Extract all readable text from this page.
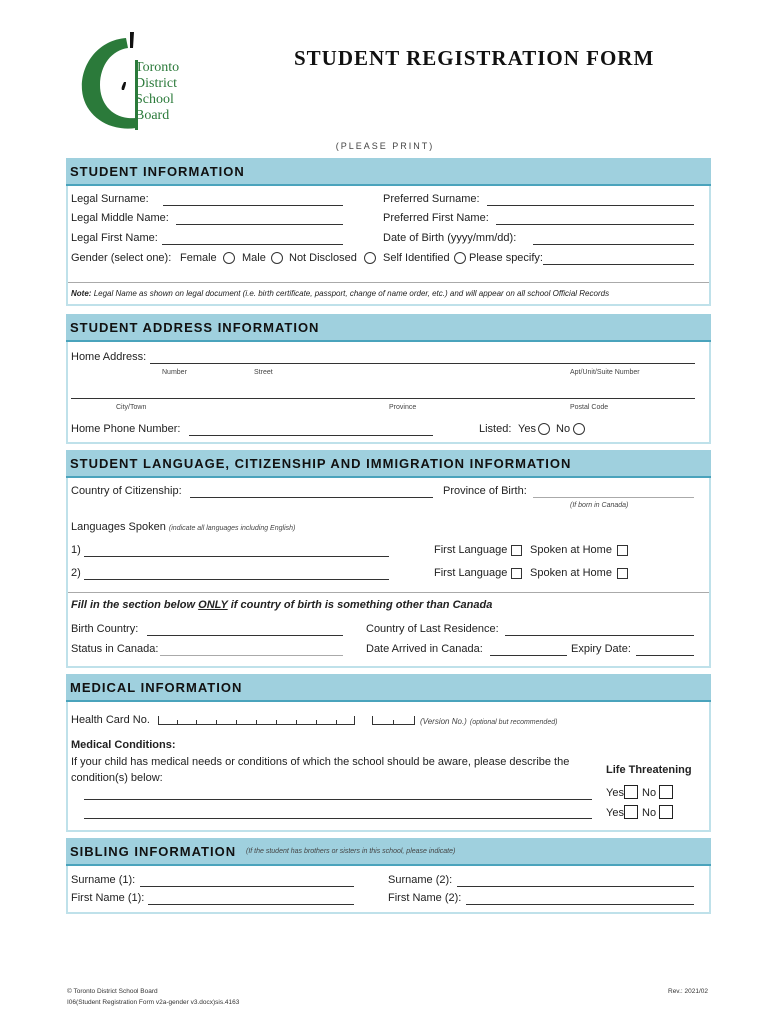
Toronto
District
School
Board
STUDENT REGISTRATION FORM
(PLEASE PRINT)
STUDENT INFORMATION
Legal Surname:	Preferred Surname:
Legal Middle Name:	Preferred First Name:
Legal First Name:	Date of Birth (yyyy/mm/dd):
Gender (select one): Female Male Not Disclosed Self Identified Please specify:
Note: Legal Name as shown on legal document (i.e. birth certificate, passport, change of name order, etc.) and will appear on all school Official Records
STUDENT ADDRESS INFORMATION
Home Address:
Number	Street	Apt/Unit/Suite Number
City/Town	Province	Postal Code
Home Phone Number:	Listed: Yes No
STUDENT LANGUAGE, CITIZENSHIP AND IMMIGRATION INFORMATION
Country of Citizenship:	Province of Birth:
(If born in Canada)
Languages Spoken (indicate all languages including English)
1)	First Language Spoken at Home
2)	First Language Spoken at Home
Fill in the section below ONLY if country of birth is something other than Canada
Birth Country:	Country of Last Residence:
Status in Canada:	Date Arrived in Canada:	Expiry Date:
MEDICAL INFORMATION
Health Card No.	(Version No.) (optional but recommended)
Medical Conditions:
If your child has medical needs or conditions of which the school should be aware, please describe the
condition(s) below:
Life Threatening
Yes No
Yes No
SIBLING INFORMATION (If the student has brothers or sisters in this school, please indicate)
Surname (1):	Surname (2):
First Name (1):	First Name (2):
© Toronto District School Board
I06(Student Registration Form v2a-gender v3.docx)sis.4163
Rev.: 2021/02
